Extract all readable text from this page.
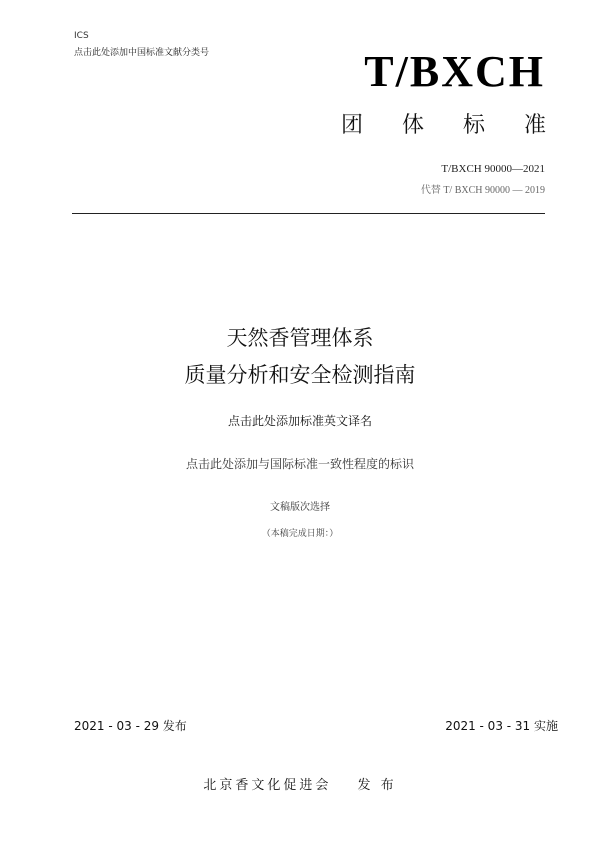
ICS
点击此处添加中国标准文献分类号	T/BXCH
团 体 标 准
T/BXCH 90000—2021
代替 T/ BXCH 90000 — 2019
天然香管理体系
质量分析和安全检测指南
点击此处添加标准英文译名
点击此处添加与国际标准一致性程度的标识
文稿版次选择
（本稿完成日期：）
2021 - 03 - 29 发布	2021 - 03 - 31 实施
北京香文化促进会 发 布
